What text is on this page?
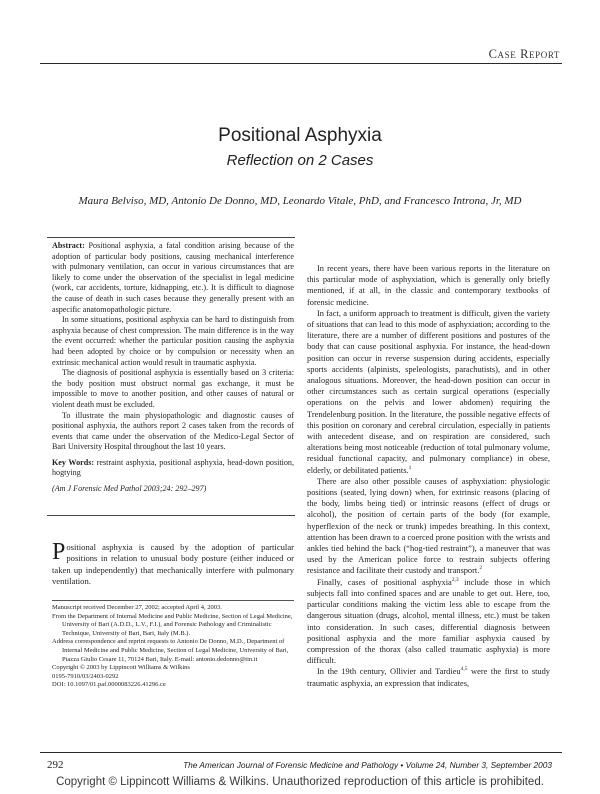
Case Report
Positional Asphyxia
Reflection on 2 Cases
Maura Belviso, MD, Antonio De Donno, MD, Leonardo Vitale, PhD, and Francesco Introna, Jr, MD

Abstract: Positional asphyxia, a fatal condition arising because of the adoption of particular body positions, causing mechanical interference with pulmonary ventilation, can occur in various circumstances that are likely to come under the observation of the specialist in legal medicine (work, car accidents, torture, kidnapping, etc.). It is difficult to diagnose the cause of death in such cases because they generally present with an aspecific anatomopathologic picture.

In some situations, positional asphyxia can be hard to distinguish from asphyxia because of chest compression. The main difference is in the way the event occurred: whether the particular position causing the asphyxia had been adopted by choice or by compulsion or necessity when an extrinsic mechanical action would result in traumatic asphyxia.

The diagnosis of positional asphyxia is essentially based on 3 criteria: the body position must obstruct normal gas exchange, it must be impossible to move to another position, and other causes of natural or violent death must be excluded.

To illustrate the main physiopathologic and diagnostic causes of positional asphyxia, the authors report 2 cases taken from the records of events that came under the observation of the Medico-Legal Sector of Bari University Hospital throughout the last 10 years.

Key Words: restraint asphyxia, positional asphyxia, head-down position, hogtying

(Am J Forensic Med Pathol 2003;24: 292–297)

Positional asphyxia is caused by the adoption of particular positions in relation to unusual body posture (either induced or taken up independently) that mechanically interfere with pulmonary ventilation.

Manuscript received December 27, 2002; accepted April 4, 2003.

From the Department of Internal Medicine and Public Medicine, Section of Legal Medicine, University of Bari (A.D.D., L.V., F.I.), and Forensic Pathology and Criminalistic Technique, University of Bari, Bari, Italy (M.B.).

Address correspondence and reprint requests to Antonio De Donno, M.D., Department of Internal Medicine and Public Medicine, Section of Legal Medicine, University of Bari, Piazza Giulio Cesare 11, 70124 Bari, Italy. E-mail: antonio.dedonno@tin.it

Copyright © 2003 by Lippincott Williams & Wilkins

0195-7910/03/2403-0292

DOI: 10.1097/01.paf.0000083226.41296.ce

In recent years, there have been various reports in the literature on this particular mode of asphyxiation, which is generally only briefly mentioned, if at all, in the classic and contemporary textbooks of forensic medicine.

In fact, a uniform approach to treatment is difficult, given the variety of situations that can lead to this mode of asphyxiation; according to the literature, there are a number of different positions and postures of the body that can cause positional asphyxia. For instance, the head-down position can occur in reverse suspension during accidents, especially sports accidents (alpinists, speleologists, parachutists), and in other analogous situations. Moreover, the head-down position can occur in other circumstances such as certain surgical operations (especially operations on the pelvis and lower abdomen) requiring the Trendelenburg position. In the literature, the possible negative effects of this position on coronary and cerebral circulation, especially in patients with antecedent disease, and on respiration are considered, such alterations being most noticeable (reduction of total pulmonary volume, residual functional capacity, and pulmonary compliance) in obese, elderly, or debilitated patients.$^1$

There are also other possible causes of asphyxiation: physiologic positions (seated, lying down) when, for extrinsic reasons (placing of the body, limbs being tied) or intrinsic reasons (effect of drugs or alcohol), the position of certain parts of the body (for example, hyperflexion of the neck or trunk) impedes breathing. In this context, attention has been drawn to a coerced prone position with the wrists and ankles tied behind the back (“hog-tied restraint”), a maneuver that was used by the American police force to restrain subjects offering resistance and facilitate their custody and transport.$^2$

Finally, cases of positional asphyxia$^{2,3}$ include those in which subjects fall into confined spaces and are unable to get out. Here, too, particular conditions making the victim less able to escape from the dangerous situation (drugs, alcohol, mental illness, etc.) must be taken into consideration. In such cases, differential diagnosis between positional asphyxia and the more familiar asphyxia caused by compression of the thorax (also called traumatic asphyxia) is more difficult.

In the 19th century, Ollivier and Tardieu$^{4,5}$ were the first to study traumatic asphyxia, an expression that indicates,

292	The American Journal of Forensic Medicine and Pathology • Volume 24, Number 3, September 2003
Copyright © Lippincott Williams & Wilkins. Unauthorized reproduction of this article is prohibited.
